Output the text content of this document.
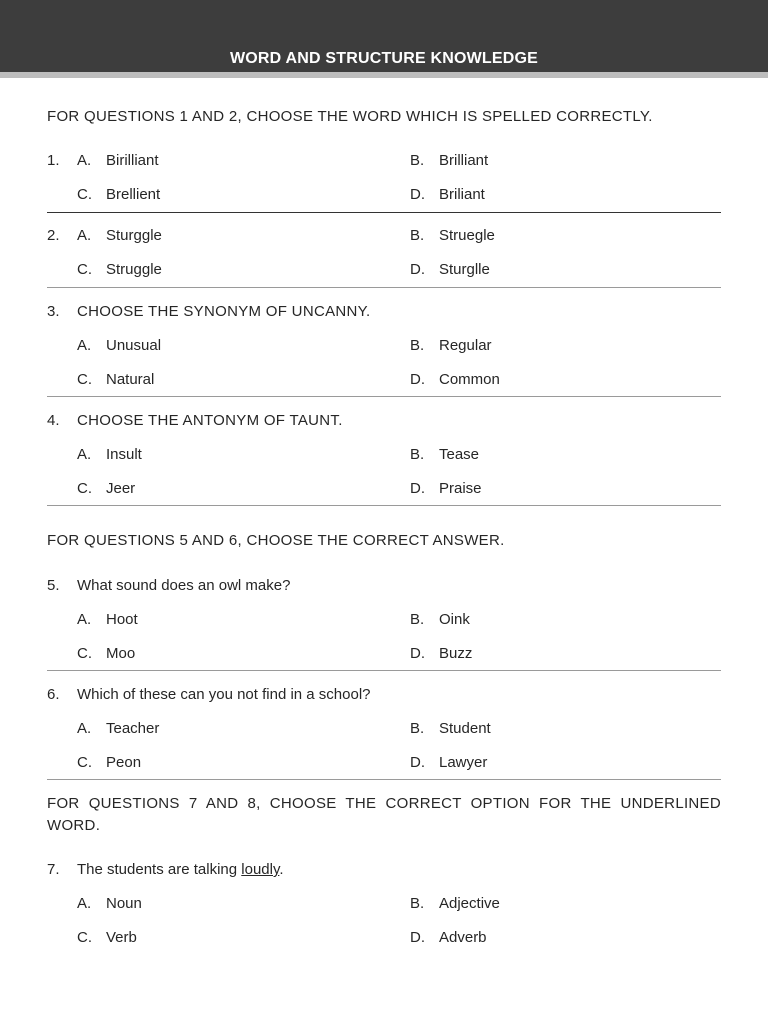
WORD AND STRUCTURE KNOWLEDGE
FOR QUESTIONS 1 AND 2, CHOOSE THE WORD WHICH IS SPELLED CORRECTLY.
1. A. Birilliant	B. Brilliant
C. Brellient	D. Briliant
2. A. Sturggle	B. Struegle
C. Struggle	D. Sturglle
3. CHOOSE THE SYNONYM OF UNCANNY.
A. Unusual	B. Regular
C. Natural	D. Common
4. CHOOSE THE ANTONYM OF TAUNT.
A. Insult	B. Tease
C. Jeer	D. Praise
FOR QUESTIONS 5 AND 6, CHOOSE THE CORRECT ANSWER.
5. What sound does an owl make?
A. Hoot	B. Oink
C. Moo	D. Buzz
6. Which of these can you not find in a school?
A. Teacher	B. Student
C. Peon	D. Lawyer
FOR QUESTIONS 7 AND 8, CHOOSE THE CORRECT OPTION FOR THE UNDERLINED WORD.
7. The students are talking loudly.
A. Noun	B. Adjective
C. Verb	D. Adverb
